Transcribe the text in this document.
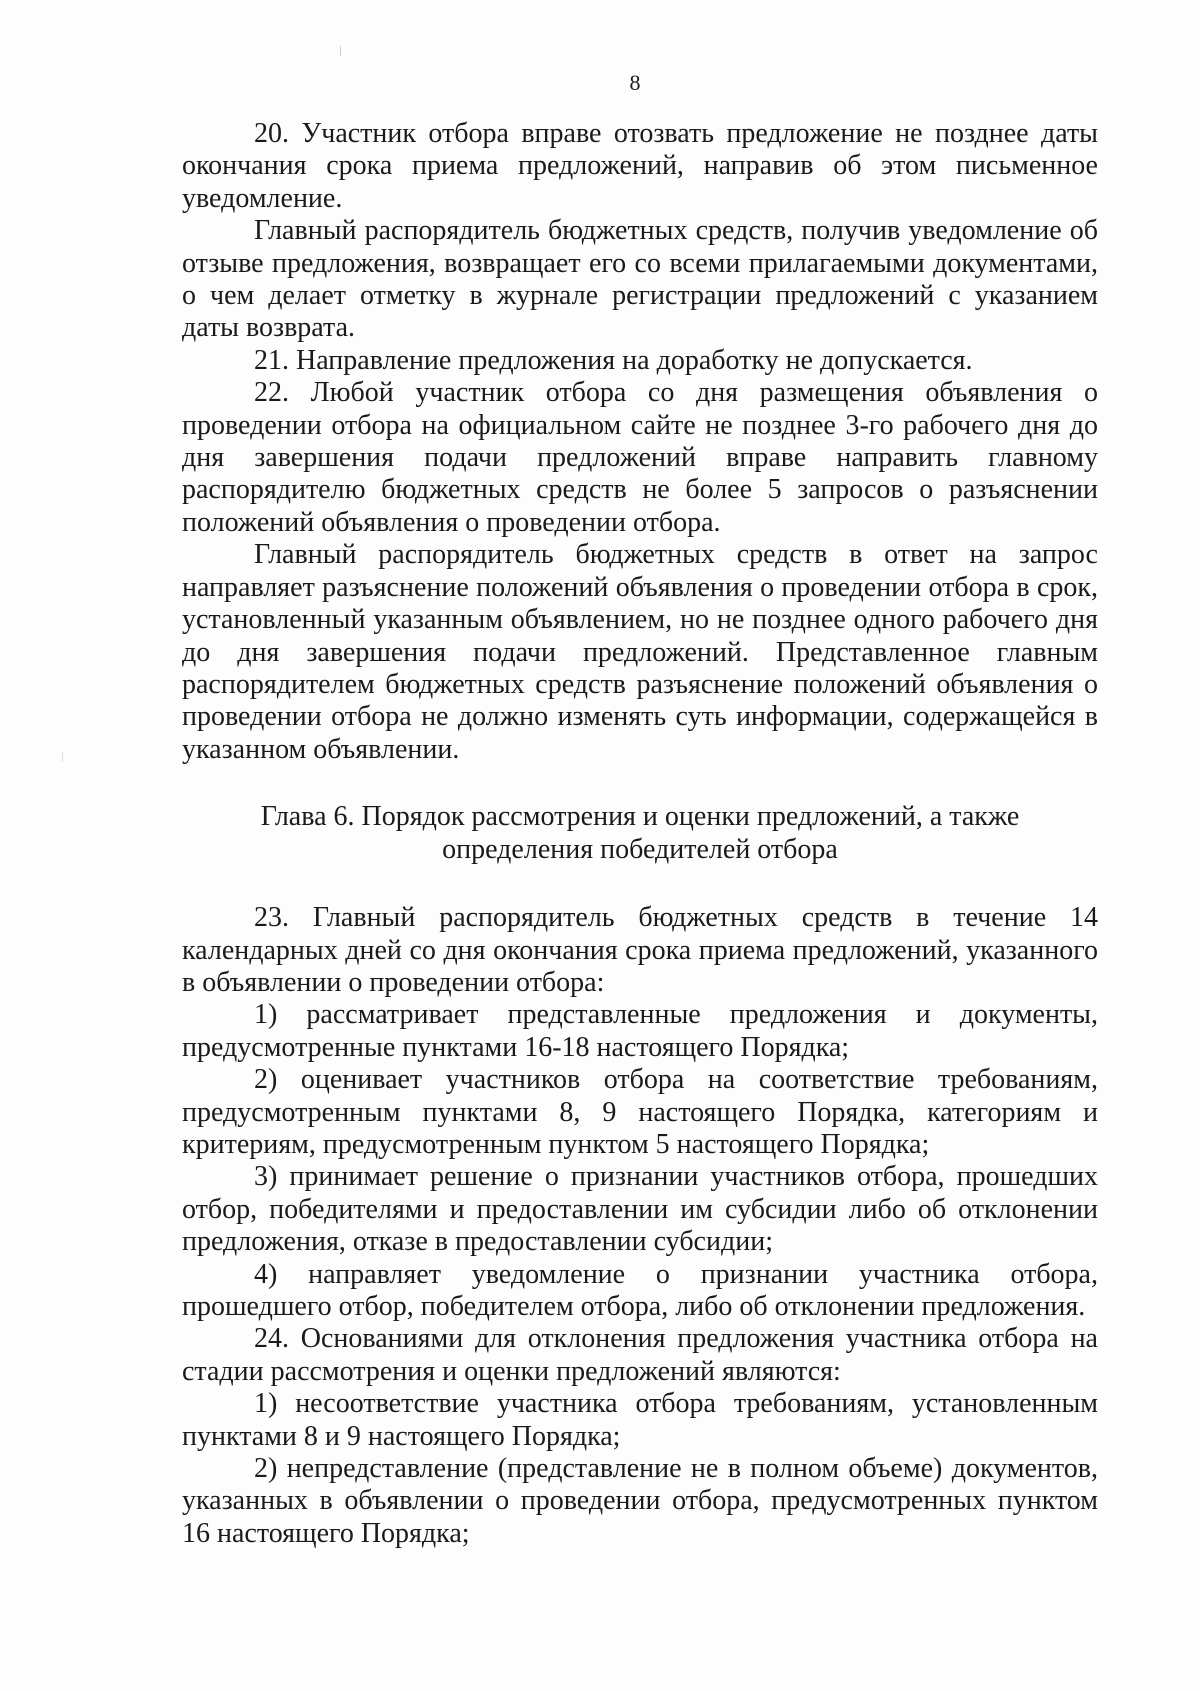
8

20. Участник отбора вправе отозвать предложение не позднее даты окончания срока приема предложений, направив об этом письменное уведомление.

Главный распорядитель бюджетных средств, получив уведомление об отзыве предложения, возвращает его со всеми прилагаемыми документами, о чем делает отметку в журнале регистрации предложений с указанием даты возврата.

21. Направление предложения на доработку не допускается.

22. Любой участник отбора со дня размещения объявления о проведении отбора на официальном сайте не позднее 3-го рабочего дня до дня завершения подачи предложений вправе направить главному распорядителю бюджетных средств не более 5 запросов о разъяснении положений объявления о проведении отбора.

Главный распорядитель бюджетных средств в ответ на запрос направляет разъяснение положений объявления о проведении отбора в срок, установленный указанным объявлением, но не позднее одного рабочего дня до дня завершения подачи предложений. Представленное главным распорядителем бюджетных средств разъяснение положений объявления о проведении отбора не должно изменять суть информации, содержащейся в указанном объявлении.

Глава 6. Порядок рассмотрения и оценки предложений, а также
определения победителей отбора

23. Главный распорядитель бюджетных средств в течение 14 календарных дней со дня окончания срока приема предложений, указанного в объявлении о проведении отбора:

1) рассматривает представленные предложения и документы, предусмотренные пунктами 16-18 настоящего Порядка;

2) оценивает участников отбора на соответствие требованиям, предусмотренным пунктами 8, 9 настоящего Порядка, категориям и критериям, предусмотренным пунктом 5 настоящего Порядка;

3) принимает решение о признании участников отбора, прошедших отбор, победителями и предоставлении им субсидии либо об отклонении предложения, отказе в предоставлении субсидии;

4) направляет уведомление о признании участника отбора, прошедшего отбор, победителем отбора, либо об отклонении предложения.

24. Основаниями для отклонения предложения участника отбора на стадии рассмотрения и оценки предложений являются:

1) несоответствие участника отбора требованиям, установленным пунктами 8 и 9 настоящего Порядка;

2) непредставление (представление не в полном объеме) документов, указанных в объявлении о проведении отбора, предусмотренных пунктом 16 настоящего Порядка;
